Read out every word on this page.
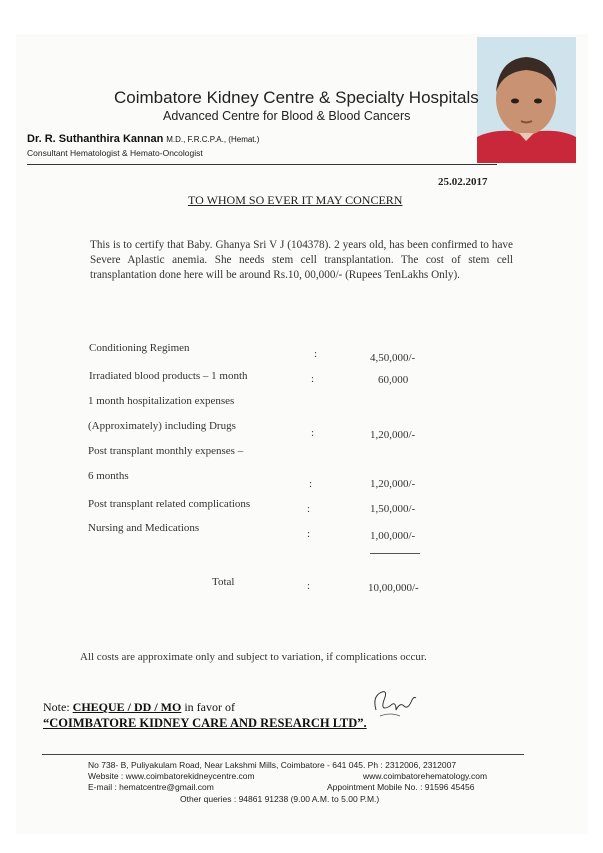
Coimbatore Kidney Centre & Specialty Hospitals
Advanced Centre for Blood & Blood Cancers
Dr. R. Suthanthira Kannan M.D., F.R.C.P.A., (Hemat.)
Consultant Hematologist & Hemato-Oncologist
25.02.2017
TO WHOM SO EVER IT MAY CONCERN

This is to certify that Baby. Ghanya Sri V J (104378). 2 years old, has been confirmed to have Severe Aplastic anemia. She needs stem cell transplantation. The cost of stem cell transplantation done here will be around Rs.10, 00,000/- (Rupees TenLakhs Only).

Conditioning Regimen	:	4,50,000/-
Irradiated blood products – 1 month	:	60,000
1 month hospitalization expenses
(Approximately) including Drugs
:	1,20,000/-
Post transplant monthly expenses –
6 months
:	1,20,000/-
Post transplant related complications	:	1,50,000/-
Nursing and Medications	:	1,00,000/-
Total	:	10,00,000/-
All costs are approximate only and subject to variation, if complications occur.
Note: CHEQUE / DD / MO in favor of
“COIMBATORE KIDNEY CARE AND RESEARCH LTD”.
No 738- B, Puliyakulam Road, Near Lakshmi Mills, Coimbatore - 641 045. Ph : 2312006, 2312007
Website : www.coimbatorekidneycentre.com	www.coimbatorehematology.com
E-mail : hematcentre@gmail.com	Appointment Mobile No. : 91596 45456
Other queries : 94861 91238 (9.00 A.M. to 5.00 P.M.)
